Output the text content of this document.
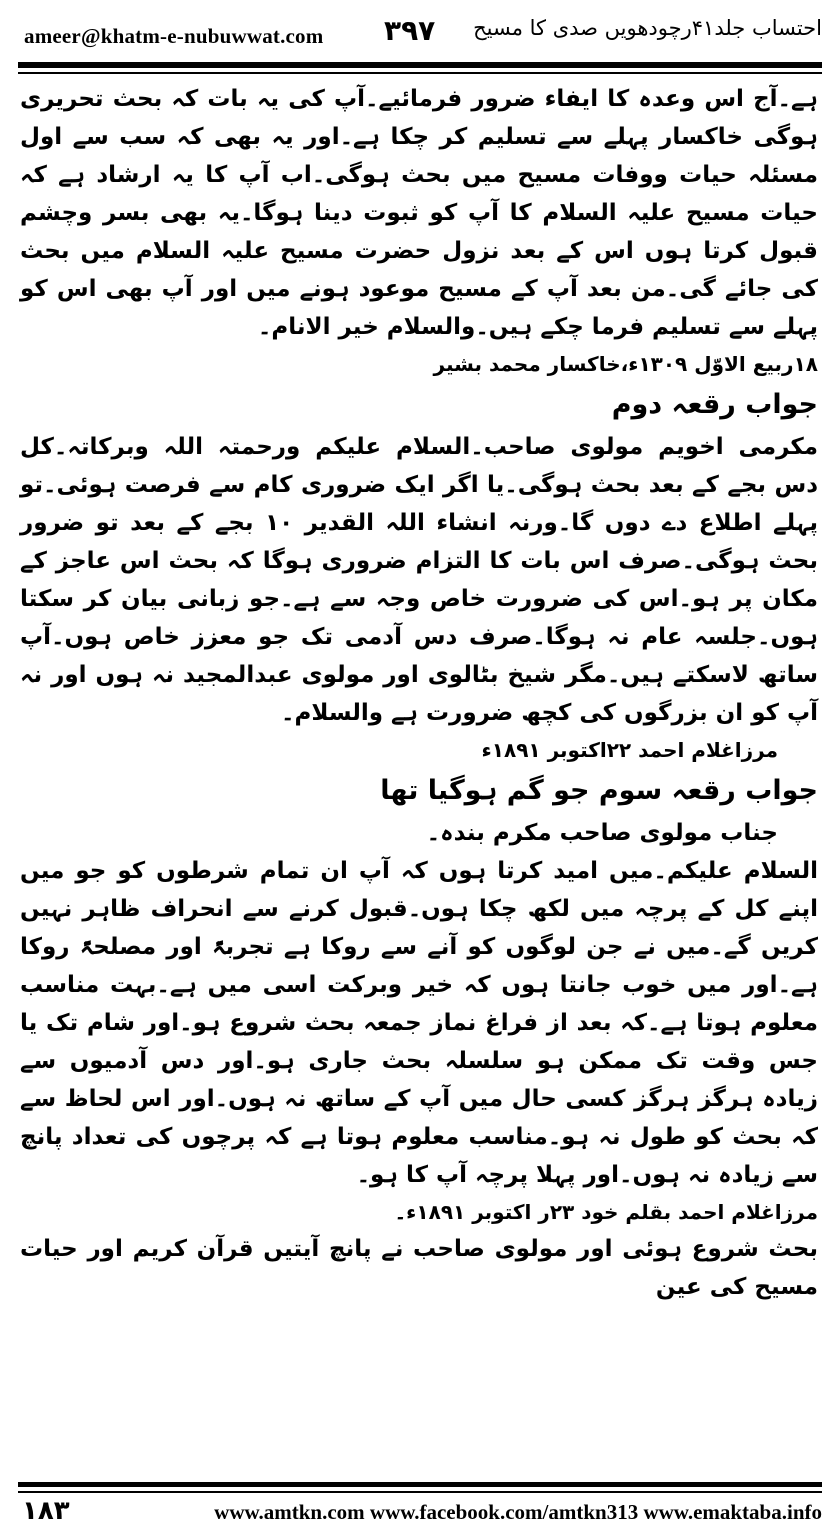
ameer@khatm-e-nubuwwat.com ۳۹۷ احتساب جلد۴۱رچودھویں صدی کا مسیح

ہے۔آج اس وعدہ کا ایفاء ضرور فرمائیے۔آپ کی یہ بات کہ بحث تحریری ہوگی خاکسار پہلے سے تسلیم کر چکا ہے۔اور یہ بھی کہ سب سے اول مسئلہ حیات ووفات مسیح میں بحث ہوگی۔اب آپ کا یہ ارشاد ہے کہ حیات مسیح علیہ السلام کا آپ کو ثبوت دینا ہوگا۔یہ بھی بسر وچشم قبول کرتا ہوں اس کے بعد نزول حضرت مسیح علیہ السلام میں بحث کی جائے گی۔من بعد آپ کے مسیح موعود ہونے میں اور آپ بھی اس کو پہلے سے تسلیم فرما چکے ہیں۔والسلام خیر الانام۔

۱۸ربیع الاوّل ۱۳۰۹ء،خاکسار محمد بشیر

جواب رقعہ دوم

مکرمی اخویم مولوی صاحب۔السلام علیکم ورحمتہ اللہ وبرکاتہ۔کل دس بجے کے بعد بحث ہوگی۔یا اگر ایک ضروری کام سے فرصت ہوئی۔تو پہلے اطلاع دے دوں گا۔ورنہ انشاء اللہ القدیر ۱۰ بجے کے بعد تو ضرور بحث ہوگی۔صرف اس بات کا التزام ضروری ہوگا کہ بحث اس عاجز کے مکان پر ہو۔اس کی ضرورت خاص وجہ سے ہے۔جو زبانی بیان کر سکتا ہوں۔جلسہ عام نہ ہوگا۔صرف دس آدمی تک جو معزز خاص ہوں۔آپ ساتھ لاسکتے ہیں۔مگر شیخ بٹالوی اور مولوی عبدالمجید نہ ہوں اور نہ آپ کو ان بزرگوں کی کچھ ضرورت ہے والسلام۔

مرزاغلام احمد ۲۲اکتوبر ۱۸۹۱ء

جواب رقعہ سوم جو گم ہوگیا تھا

جناب مولوی صاحب مکرم بندہ۔

السلام علیکم۔میں امید کرتا ہوں کہ آپ ان تمام شرطوں کو جو میں اپنے کل کے پرچہ میں لکھ چکا ہوں۔قبول کرنے سے انحراف ظاہر نہیں کریں گے۔میں نے جن لوگوں کو آنے سے روکا ہے تجربۃً اور مصلحۃً روکا ہے۔اور میں خوب جانتا ہوں کہ خیر وبرکت اسی میں ہے۔بہت مناسب معلوم ہوتا ہے۔کہ بعد از فراغ نماز جمعہ بحث شروع ہو۔اور شام تک یا جس وقت تک ممکن ہو سلسلہ بحث جاری ہو۔اور دس آدمیوں سے زیادہ ہرگز ہرگز کسی حال میں آپ کے ساتھ نہ ہوں۔اور اس لحاظ سے کہ بحث کو طول نہ ہو۔مناسب معلوم ہوتا ہے کہ پرچوں کی تعداد پانچ سے زیادہ نہ ہوں۔اور پہلا پرچہ آپ کا ہو۔

مرزاغلام احمد بقلم خود ۲۳ر اکتوبر ۱۸۹۱ء۔

بحث شروع ہوئی اور مولوی صاحب نے پانچ آیتیں قرآن کریم اور حیات مسیح کی عین

۱۸۳	www.amtkn.com www.facebook.com/amtkn313 www.emaktaba.info
